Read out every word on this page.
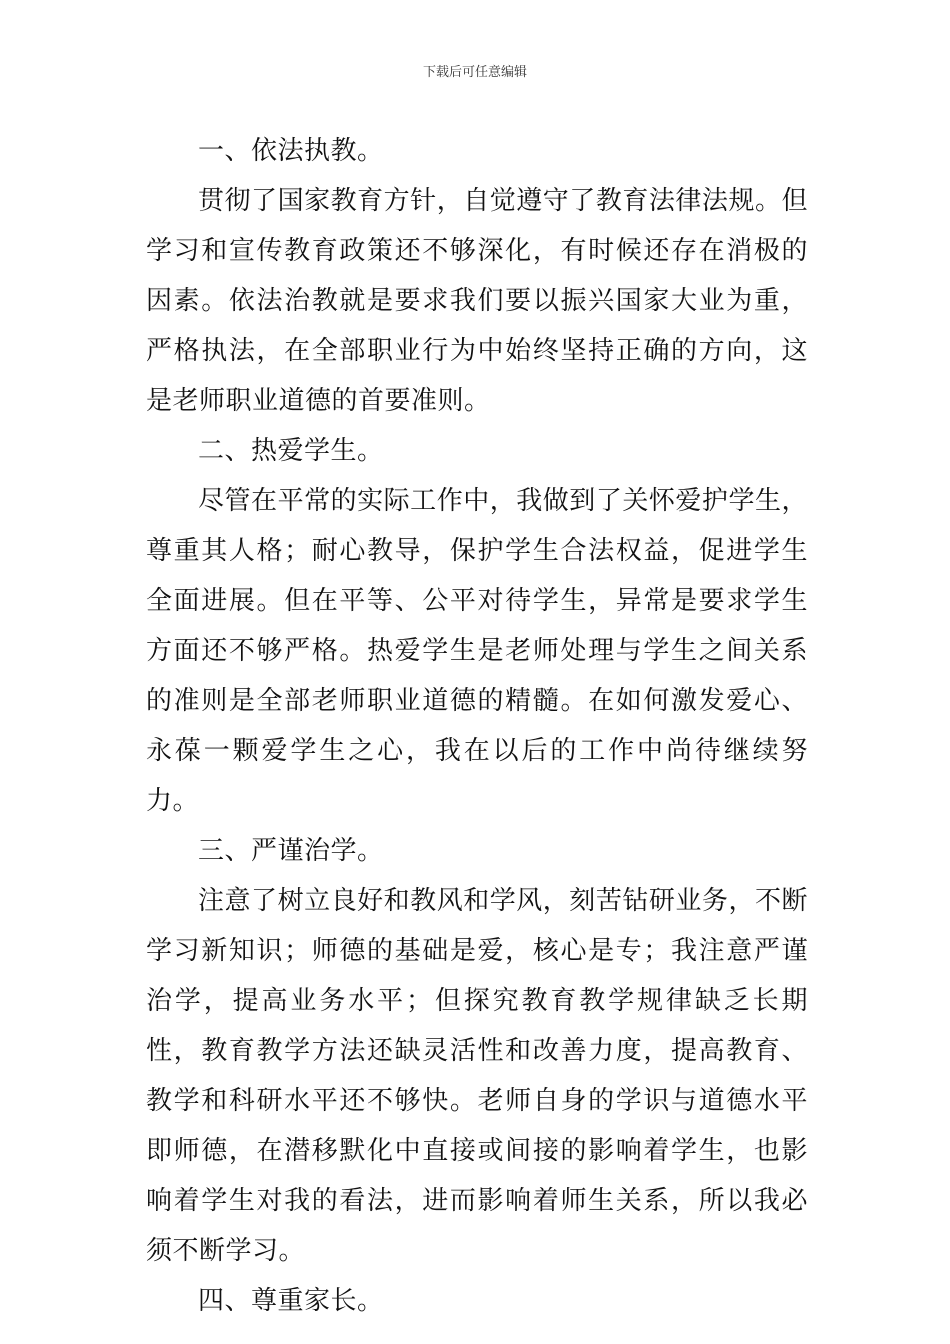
下载后可任意编辑

一、依法执教。

贯彻了国家教育方针，自觉遵守了教育法律法规。但学习和宣传教育政策还不够深化，有时候还存在消极的因素。依法治教就是要求我们要以振兴国家大业为重，严格执法，在全部职业行为中始终坚持正确的方向，这是老师职业道德的首要准则。

二、热爱学生。

尽管在平常的实际工作中，我做到了关怀爱护学生，尊重其人格；耐心教导，保护学生合法权益，促进学生全面进展。但在平等、公平对待学生，异常是要求学生方面还不够严格。热爱学生是老师处理与学生之间关系的准则是全部老师职业道德的精髓。在如何激发爱心、永葆一颗爱学生之心，我在以后的工作中尚待继续努力。

三、严谨治学。

注意了树立良好和教风和学风，刻苦钻研业务，不断学习新知识；师德的基础是爱，核心是专；我注意严谨治学，提高业务水平；但探究教育教学规律缺乏长期性，教育教学方法还缺灵活性和改善力度，提高教育、教学和科研水平还不够快。老师自身的学识与道德水平即师德，在潜移默化中直接或间接的影响着学生，也影响着学生对我的看法，进而影响着师生关系，所以我必须不断学习。

四、尊重家长。
